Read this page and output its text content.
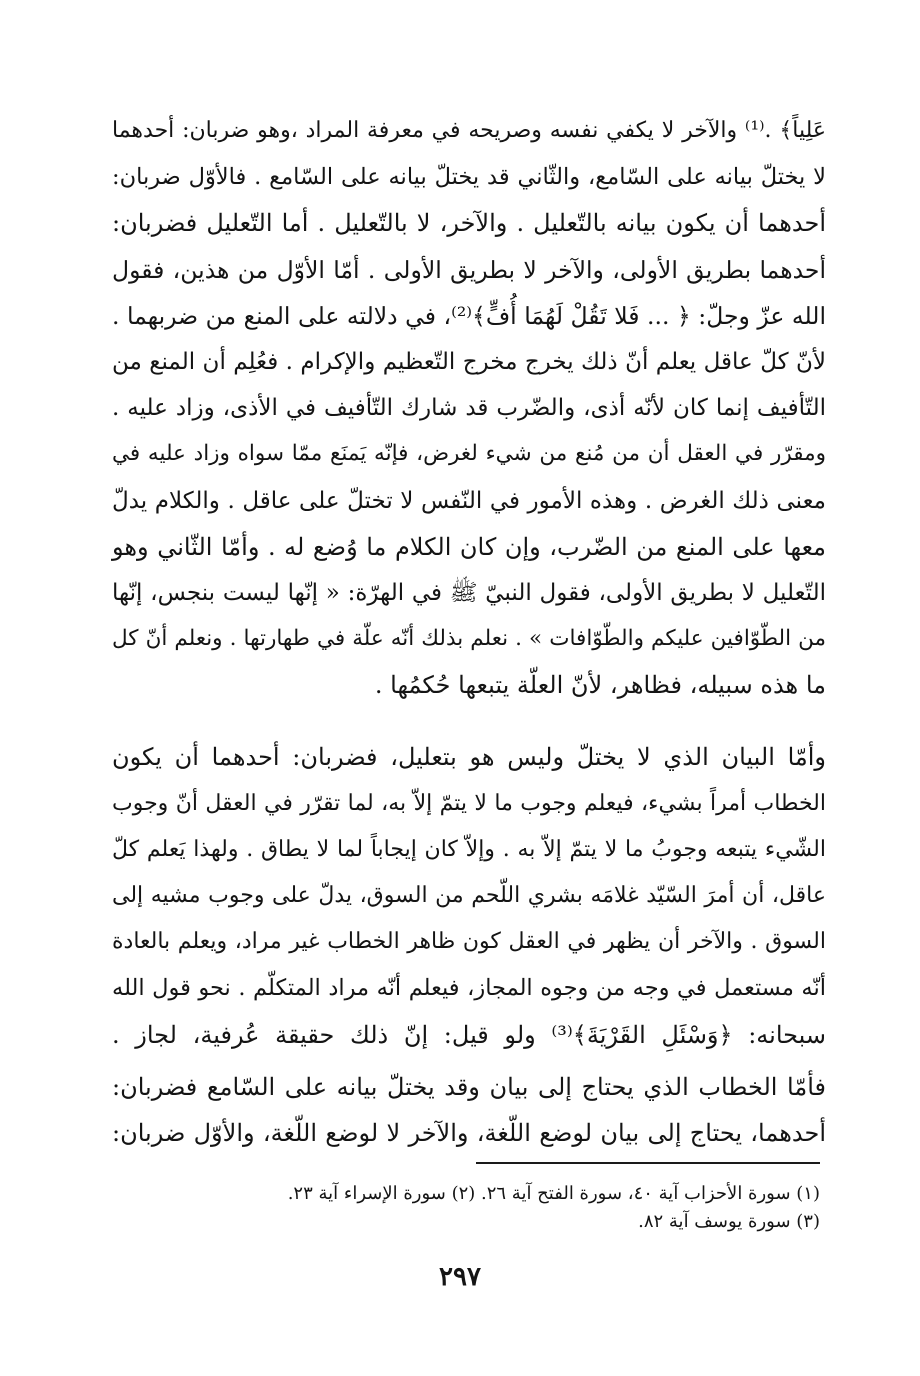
عَلِياً﴾ .⁽¹⁾ والآخر لا يكفي نفسه وصريحه في معرفة المراد ،وهو ضربان: أحدهما
لا يختلّ بيانه على السّامع، والثّاني قد يختلّ بيانه على السّامع . فالأوّل ضربان:
أحدهما أن يكون بيانه بالتّعليل . والآخر، لا بالتّعليل . أما التّعليل فضربان:
أحدهما بطريق الأولى، والآخر لا بطريق الأولى . أمّا الأوّل من هذين، فقول
الله عزّ وجلّ: ﴿ ... فَلا تَقُلْ لَهُمَا أُفٍّ﴾⁽²⁾، في دلالته على المنع من ضربهما .
لأنّ كلّ عاقل يعلم أنّ ذلك يخرج مخرج التّعظيم والإكرام . فعُلِم أن المنع من
التّأفيف إنما كان لأنّه أذى، والضّرب قد شارك التّأفيف في الأذى، وزاد عليه .
ومقرّر في العقل أن من مُنع من شيء لغرض، فإنّه يَمنَع ممّا سواه وزاد عليه في
معنى ذلك الغرض . وهذه الأمور في النّفس لا تختلّ على عاقل . والكلام يدلّ
معها على المنع من الضّرب، وإن كان الكلام ما وُضع له . وأمّا الثّاني وهو
التّعليل لا بطريق الأولى، فقول النبيّ ﷺ في الهرّة: « إنّها ليست بنجس، إنّها
من الطّوّافين عليكم والطّوّافات » . نعلم بذلك أنّه علّة في طهارتها . ونعلم أنّ كل
ما هذه سبيله، فظاهر، لأنّ العلّة يتبعها حُكمُها .
وأمّا البيان الذي لا يختلّ وليس هو بتعليل، فضربان: أحدهما أن يكون
الخطاب أمراً بشيء، فيعلم وجوب ما لا يتمّ إلاّ به، لما تقرّر في العقل أنّ وجوب
الشّيء يتبعه وجوبُ ما لا يتمّ إلاّ به . وإلاّ كان إيجاباً لما لا يطاق . ولهذا يَعلم كلّ
عاقل، أن أمرَ السّيّد غلامَه بشري اللّحم من السوق، يدلّ على وجوب مشيه إلى
السوق . والآخر أن يظهر في العقل كون ظاهر الخطاب غير مراد، ويعلم بالعادة
أنّه مستعمل في وجه من وجوه المجاز، فيعلم أنّه مراد المتكلّم . نحو قول الله
سبحانه: ﴿وَسْئَلِ القَرْيَةَ﴾⁽³⁾ ولو قيل: إنّ ذلك حقيقة عُرفية، لجاز .
فأمّا الخطاب الذي يحتاج إلى بيان وقد يختلّ بيانه على السّامع فضربان:
أحدهما، يحتاج إلى بيان لوضع اللّغة، والآخر لا لوضع اللّغة، والأوّل ضربان:
(١) سورة الأحزاب آية ٤٠، سورة الفتح آية ٢٦. (٢) سورة الإسراء آية ٢٣.
(٣) سورة يوسف آية ٨٢.
٢٩٧
